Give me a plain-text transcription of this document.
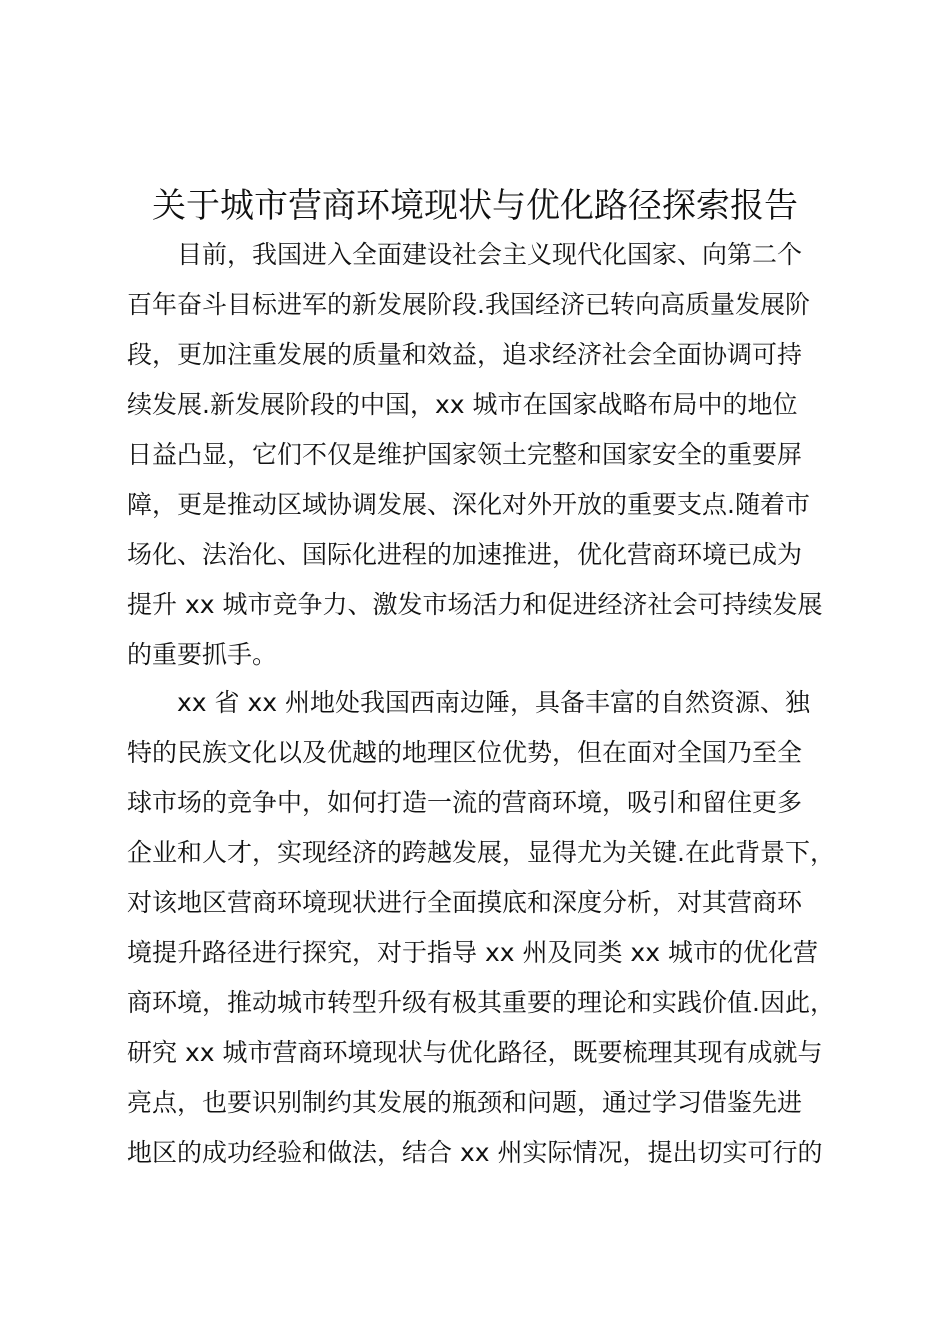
关于城市营商环境现状与优化路径探索报告
目前，我国进入全面建设社会主义现代化国家、向第二个
百年奋斗目标进军的新发展阶段.我国经济已转向高质量发展阶
段，更加注重发展的质量和效益，追求经济社会全面协调可持
续发展.新发展阶段的中国，xx 城市在国家战略布局中的地位
日益凸显，它们不仅是维护国家领土完整和国家安全的重要屏
障，更是推动区域协调发展、深化对外开放的重要支点.随着市
场化、法治化、国际化进程的加速推进，优化营商环境已成为
提升 xx 城市竞争力、激发市场活力和促进经济社会可持续发展
的重要抓手。
xx 省 xx 州地处我国西南边陲，具备丰富的自然资源、独
特的民族文化以及优越的地理区位优势，但在面对全国乃至全
球市场的竞争中，如何打造一流的营商环境，吸引和留住更多
企业和人才，实现经济的跨越发展，显得尤为关键.在此背景下，
对该地区营商环境现状进行全面摸底和深度分析，对其营商环
境提升路径进行探究，对于指导 xx 州及同类 xx 城市的优化营
商环境，推动城市转型升级有极其重要的理论和实践价值.因此，
研究 xx 城市营商环境现状与优化路径，既要梳理其现有成就与
亮点，也要识别制约其发展的瓶颈和问题，通过学习借鉴先进
地区的成功经验和做法，结合 xx 州实际情况，提出切实可行的
